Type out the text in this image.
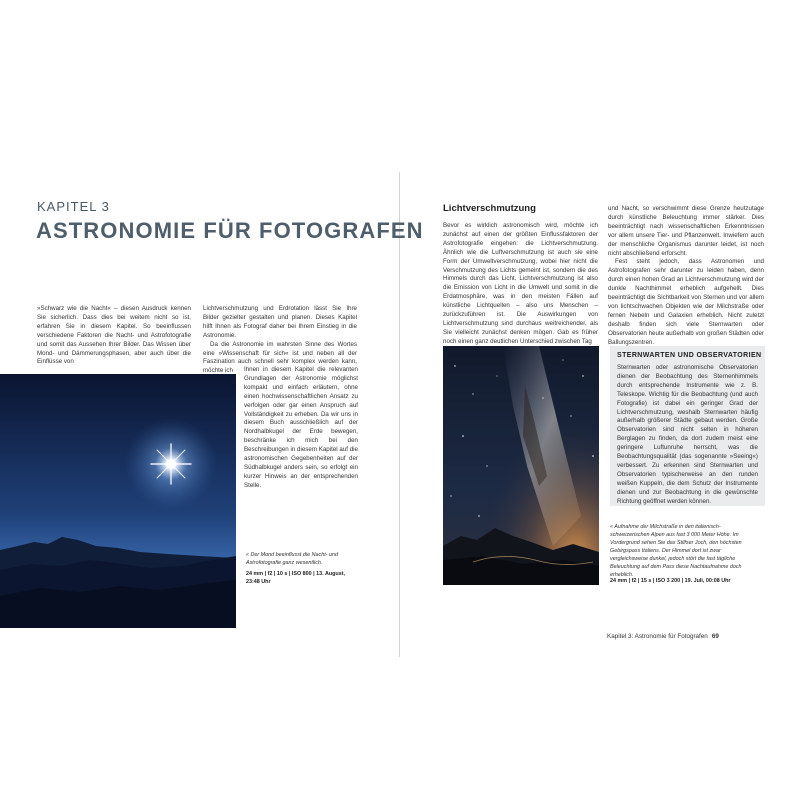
KAPITEL 3
ASTRONOMIE FÜR FOTOGRAFEN

»Schwarz wie die Nacht« – diesen Ausdruck kennen Sie sicherlich. Dass dies bei weitem nicht so ist, erfahren Sie in diesem Kapitel. So beeinflussen verschiedene Faktoren die Nacht- und Astrofotografie und somit das Aussehen Ihrer Bilder. Das Wissen über Mond- und Dämmerungsphasen, aber auch über die Einflüsse von

Lichtverschmutzung und Erdrotation lässt Sie Ihre Bilder gezielter gestalten und planen. Dieses Kapitel hilft Ihnen als Fotograf daher bei Ihrem Einstieg in die Astronomie.

Da die Astronomie im wahrsten Sinne des Wortes eine »Wissenschaft für sich« ist und neben all der Faszination auch schnell sehr komplex werden kann, möchte ich	Ihnen in diesem Kapitel die relevanten Grundlagen der Astronomie möglichst kompakt und einfach erläutern, ohne einen hochwissenschaftlichen Ansatz zu verfolgen oder gar einen Anspruch auf Vollständigkeit zu erheben. Da wir uns in diesem Buch ausschließlich auf der Nordhalbkugel der Erde bewegen, beschränke ich mich bei den Beschreibungen in diesem Kapitel auf die astronomischen Gegebenheiten auf der Südhalbkugel anders sein, so erfolgt ein kurzer Hinweis an der entsprechenden Stelle.

« Der Mond beeinflusst die Nacht- und Astrofotografie ganz wesentlich.
24 mm | f2 | 10 s | ISO 800 | 13. August, 23:48 Uhr
Lichtverschmutzung

Bevor es wirklich astronomisch wird, möchte ich zunächst auf einen der größten Einflussfaktoren der Astrofotografie eingehen: die Lichtverschmutzung. Ähnlich wie die Luftverschmutzung ist auch sie eine Form der Umweltverschmutzung, wobei hier nicht die Verschmutzung des Lichts gemeint ist, sondern die des Himmels durch das Licht. Lichtverschmutzung ist also die Emission von Licht in die Umwelt und somit in die Erdatmosphäre, was in den meisten Fällen auf künstliche Lichtquellen – also uns Menschen – zurückzuführen ist. Die Auswirkungen von Lichtverschmutzung sind durchaus weitreichender, als Sie vielleicht zunächst denken mögen. Gab es früher noch einen ganz deutlichen Unterschied zwischen Tag

und Nacht, so verschwimmt diese Grenze heutzutage durch künstliche Beleuchtung immer stärker. Dies beeinträchtigt nach wissenschaftlichen Erkenntnissen vor allem unsere Tier- und Pflanzenwelt. Inwiefern auch der menschliche Organismus darunter leidet, ist noch nicht abschließend erforscht.

Fest steht jedoch, dass Astronomen und Astrofotografen sehr darunter zu leiden haben, denn durch einen hohen Grad an Lichtverschmutzung wird der dunkle Nachthimmel erheblich aufgehellt. Dies beeinträchtigt die Sichtbarkeit von Sternen und vor allem von lichtschwachen Objekten wie der Milchstraße oder fernen Nebeln und Galaxien erheblich. Nicht zuletzt deshalb finden sich viele Sternwarten oder Observatorien heute außerhalb von großen Städten oder Ballungszentren.

STERNWARTEN UND OBSERVATORIEN

Sternwarten oder astronomische Observatorien dienen der Beobachtung des Sternenhimmels durch entsprechende Instrumente wie z. B. Teleskope. Wichtig für die Beobachtung (und auch Fotografie) ist dabei ein geringer Grad der Lichtverschmutzung, weshalb Sternwarten häufig außerhalb größerer Städte gebaut werden. Große Observatorien sind nicht selten in höheren Berglagen zu finden, da dort zudem meist eine geringere Luftunruhe herrscht, was die Beobachtungsqualität (das sogenannte »Seeing«) verbessert. Zu erkennen sind Sternwarten und Observatorien typischerweise an den runden weißen Kuppeln, die dem Schutz der Instrumente dienen und zur Beobachtung in die gewünschte Richtung geöffnet werden können.

« Aufnahme der Milchstraße in den italienisch-schweizerischen Alpen aus fast 3 000 Meter Höhe. Im Vordergrund sehen Sie das Stilfser Joch, den höchsten Gebirgspass Italiens. Der Himmel dort ist zwar vergleichsweise dunkel, jedoch stört die fast tägliche Beleuchtung auf dem Pass diese Nachtaufnahme doch erheblich.
24 mm | f2 | 15 s | ISO 3 200 | 19. Juli, 00:08 Uhr
Kapitel 3: Astronomie für Fotografen 69
